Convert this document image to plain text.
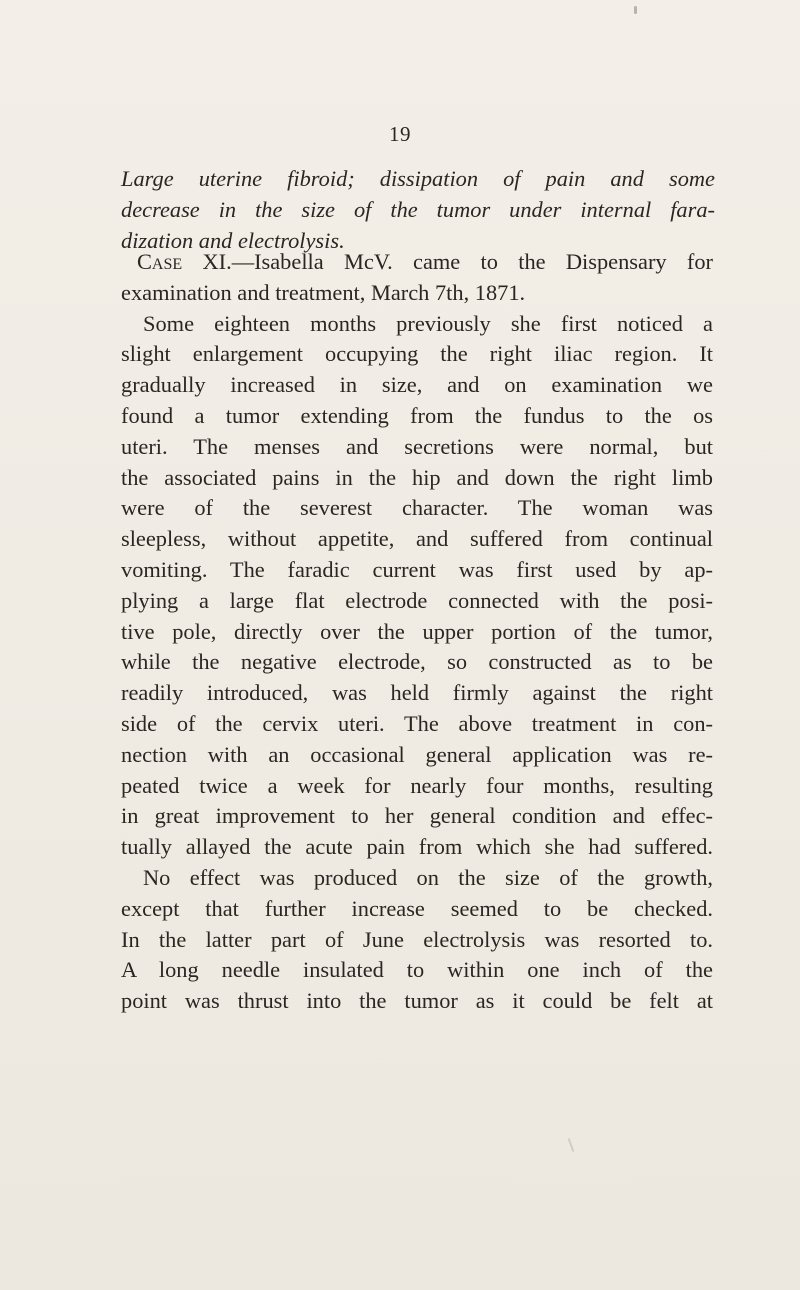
19
Large uterine fibroid; dissipation of pain and some
decrease in the size of the tumor under internal fara-
dization and electrolysis.
Case XI.—Isabella McV. came to the Dispensary for
examination and treatment, March 7th, 1871.
Some eighteen months previously she first noticed a
slight enlargement occupying the right iliac region. It
gradually increased in size, and on examination we
found a tumor extending from the fundus to the os
uteri. The menses and secretions were normal, but
the associated pains in the hip and down the right limb
were of the severest character. The woman was
sleepless, without appetite, and suffered from continual
vomiting. The faradic current was first used by ap-
plying a large flat electrode connected with the posi-
tive pole, directly over the upper portion of the tumor,
while the negative electrode, so constructed as to be
readily introduced, was held firmly against the right
side of the cervix uteri. The above treatment in con-
nection with an occasional general application was re-
peated twice a week for nearly four months, resulting
in great improvement to her general condition and effec-
tually allayed the acute pain from which she had suffered.
No effect was produced on the size of the growth,
except that further increase seemed to be checked.
In the latter part of June electrolysis was resorted to.
A long needle insulated to within one inch of the
point was thrust into the tumor as it could be felt at
